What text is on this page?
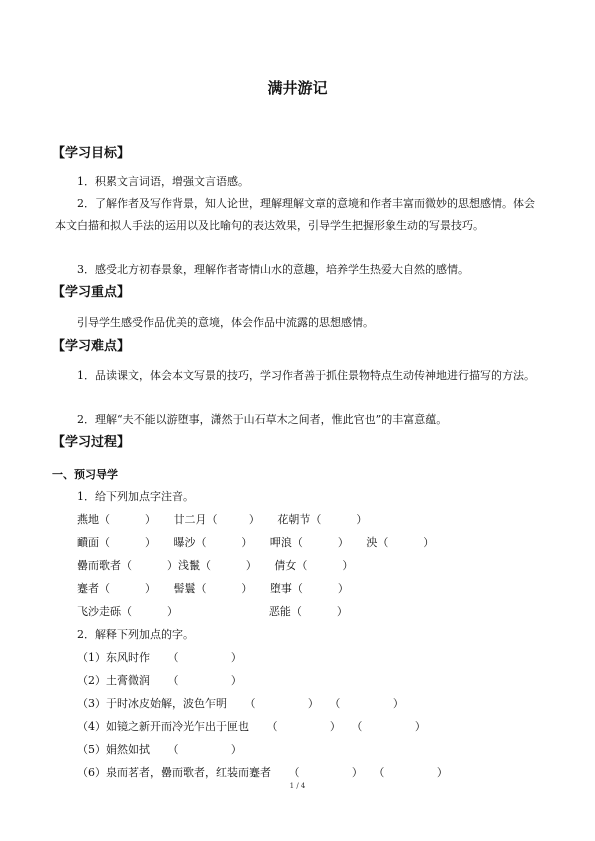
满井游记
【学习目标】
1．积累文言词语，增强文言语感。
2．了解作者及写作背景，知人论世，理解理解文章的意境和作者丰富而微妙的思想感情。体会本文白描和拟人手法的运用以及比喻句的表达效果，引导学生把握形象生动的写景技巧。
3．感受北方初春景象，理解作者寄情山水的意趣，培养学生热爱大自然的感情。
【学习重点】
引导学生感受作品优美的意境，体会作品中流露的思想感情。
【学习难点】
1．品读课文，体会本文写景的技巧，学习作者善于抓住景物特点生动传神地进行描写的方法。
2．理解“夫不能以游堕事，潇然于山石草木之间者，惟此官也”的丰富意蕴。
【学习过程】
一、预习导学
1．给下列加点字注音。
燕地（          ）     廿二月（         ）     花朝节（          ）
靧面（          ）     曝沙（          ）     呷浪（          ）     泱（          ）
罍而歌者（          ）浅鬣（          ）     倩女（          ）
蹇者（          ）     髻鬟（          ）     堕事（          ）
飞沙走砾（          ）                          恶能（          ）
2．解释下列加点的字。
（1）东风时作     （               ）
（2）土膏微润     （               ）
（3）于时冰皮始解，波色乍明     （               ）   （               ）
（4）如镜之新开而冷光乍出于匣也     （               ）   （               ）
（5）娟然如拭     （               ）
（6）泉而茗者，罍而歌者，红装而蹇者     （               ）   （               ）
1 / 4
